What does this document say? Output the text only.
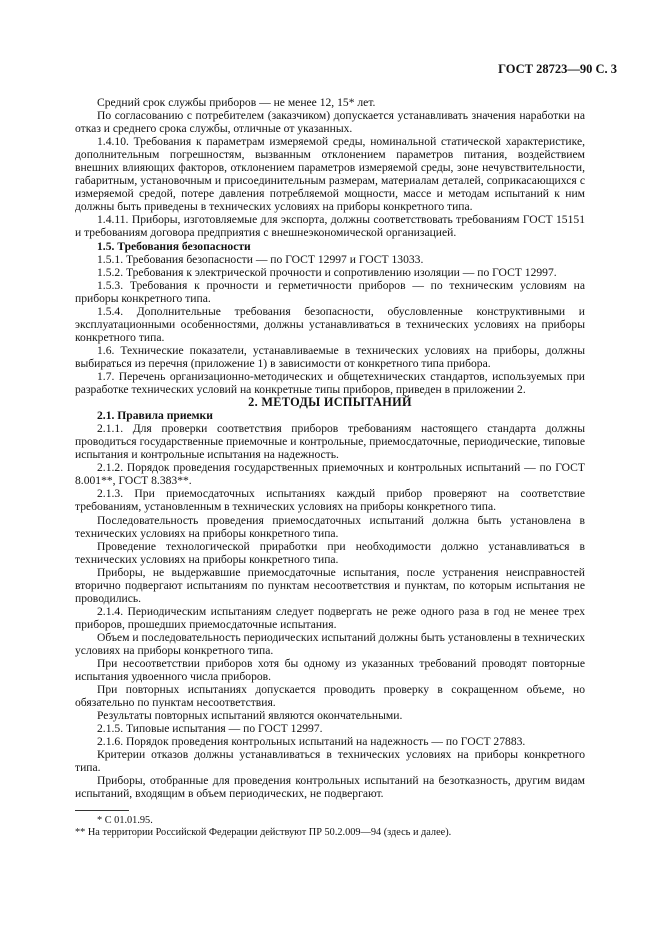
ГОСТ 28723—90 С. 3

Средний срок службы приборов — не менее 12, 15* лет.

По согласованию с потребителем (заказчиком) допускается устанавливать значения наработки на отказ и среднего срока службы, отличные от указанных.

1.4.10. Требования к параметрам измеряемой среды, номинальной статической характеристике, дополнительным погрешностям, вызванным отклонением параметров питания, воздействием внешних влияющих факторов, отклонением параметров измеряемой среды, зоне нечувствительности, габаритным, установочным и присоединительным размерам, материалам деталей, соприкасающихся с измеряемой средой, потере давления потребляемой мощности, массе и методам испытаний к ним должны быть приведены в технических условиях на приборы конкретного типа.

1.4.11. Приборы, изготовляемые для экспорта, должны соответствовать требованиям ГОСТ 15151 и требованиям договора предприятия с внешнеэкономической организацией.

1.5. Требования безопасности

1.5.1. Требования безопасности — по ГОСТ 12997 и ГОСТ 13033.

1.5.2. Требования к электрической прочности и сопротивлению изоляции — по ГОСТ 12997.

1.5.3. Требования к прочности и герметичности приборов — по техническим условиям на приборы конкретного типа.

1.5.4. Дополнительные требования безопасности, обусловленные конструктивными и эксплуатационными особенностями, должны устанавливаться в технических условиях на приборы конкретного типа.

1.6. Технические показатели, устанавливаемые в технических условиях на приборы, должны выбираться из перечня (приложение 1) в зависимости от конкретного типа прибора.

1.7. Перечень организационно-методических и общетехнических стандартов, используемых при разработке технических условий на конкретные типы приборов, приведен в приложении 2.

2. МЕТОДЫ ИСПЫТАНИЙ

2.1. Правила приемки

2.1.1. Для проверки соответствия приборов требованиям настоящего стандарта должны проводиться государственные приемочные и контрольные, приемосдаточные, периодические, типовые испытания и контрольные испытания на надежность.

2.1.2. Порядок проведения государственных приемочных и контрольных испытаний — по ГОСТ 8.001**, ГОСТ 8.383**.

2.1.3. При приемосдаточных испытаниях каждый прибор проверяют на соответствие требованиям, установленным в технических условиях на приборы конкретного типа.

Последовательность проведения приемосдаточных испытаний должна быть установлена в технических условиях на приборы конкретного типа.

Проведение технологической приработки при необходимости должно устанавливаться в технических условиях на приборы конкретного типа.

Приборы, не выдержавшие приемосдаточные испытания, после устранения неисправностей вторично подвергают испытаниям по пунктам несоответствия и пунктам, по которым испытания не проводились.

2.1.4. Периодическим испытаниям следует подвергать не реже одного раза в год не менее трех приборов, прошедших приемосдаточные испытания.

Объем и последовательность периодических испытаний должны быть установлены в технических условиях на приборы конкретного типа.

При несоответствии приборов хотя бы одному из указанных требований проводят повторные испытания удвоенного числа приборов.

При повторных испытаниях допускается проводить проверку в сокращенном объеме, но обязательно по пунктам несоответствия.

Результаты повторных испытаний являются окончательными.

2.1.5. Типовые испытания — по ГОСТ 12997.

2.1.6. Порядок проведения контрольных испытаний на надежность — по ГОСТ 27883.

Критерии отказов должны устанавливаться в технических условиях на приборы конкретного типа.

Приборы, отобранные для проведения контрольных испытаний на безотказность, другим видам испытаний, входящим в объем периодических, не подвергают.

* С 01.01.95.

** На территории Российской Федерации действуют ПР 50.2.009—94 (здесь и далее).
